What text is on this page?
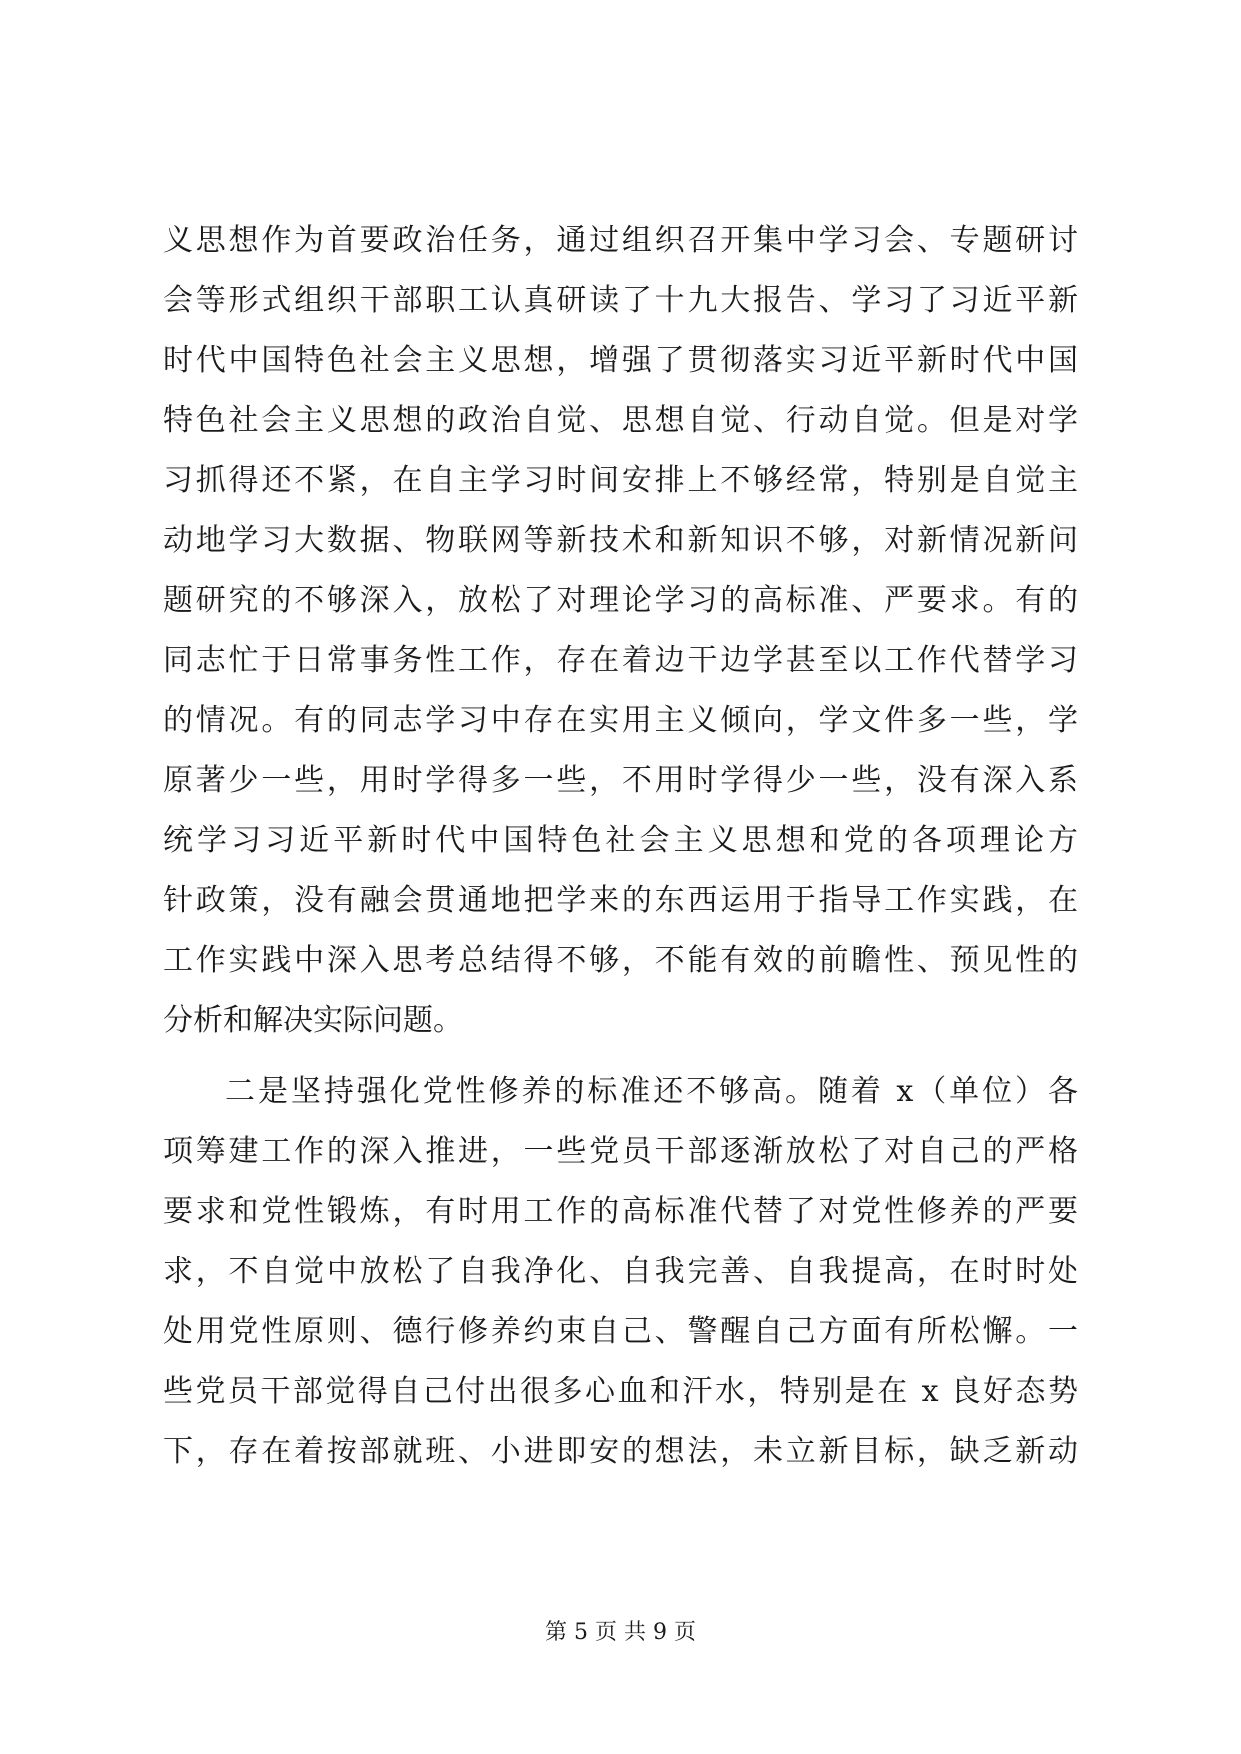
义思想作为首要政治任务，通过组织召开集中学习会、专题研讨
会等形式组织干部职工认真研读了十九大报告、学习了习近平新
时代中国特色社会主义思想，增强了贯彻落实习近平新时代中国
特色社会主义思想的政治自觉、思想自觉、行动自觉。但是对学
习抓得还不紧，在自主学习时间安排上不够经常，特别是自觉主
动地学习大数据、物联网等新技术和新知识不够，对新情况新问
题研究的不够深入，放松了对理论学习的高标准、严要求。有的
同志忙于日常事务性工作，存在着边干边学甚至以工作代替学习
的情况。有的同志学习中存在实用主义倾向，学文件多一些，学
原著少一些，用时学得多一些，不用时学得少一些，没有深入系
统学习习近平新时代中国特色社会主义思想和党的各项理论方
针政策，没有融会贯通地把学来的东西运用于指导工作实践，在
工作实践中深入思考总结得不够，不能有效的前瞻性、预见性的
分析和解决实际问题。
二是坚持强化党性修养的标准还不够高。随着 x（单位）各
项筹建工作的深入推进，一些党员干部逐渐放松了对自己的严格
要求和党性锻炼，有时用工作的高标准代替了对党性修养的严要
求，不自觉中放松了自我净化、自我完善、自我提高，在时时处
处用党性原则、德行修养约束自己、警醒自己方面有所松懈。一
些党员干部觉得自己付出很多心血和汗水，特别是在 x 良好态势
下，存在着按部就班、小进即安的想法，未立新目标，缺乏新动
第 5 页 共 9 页
